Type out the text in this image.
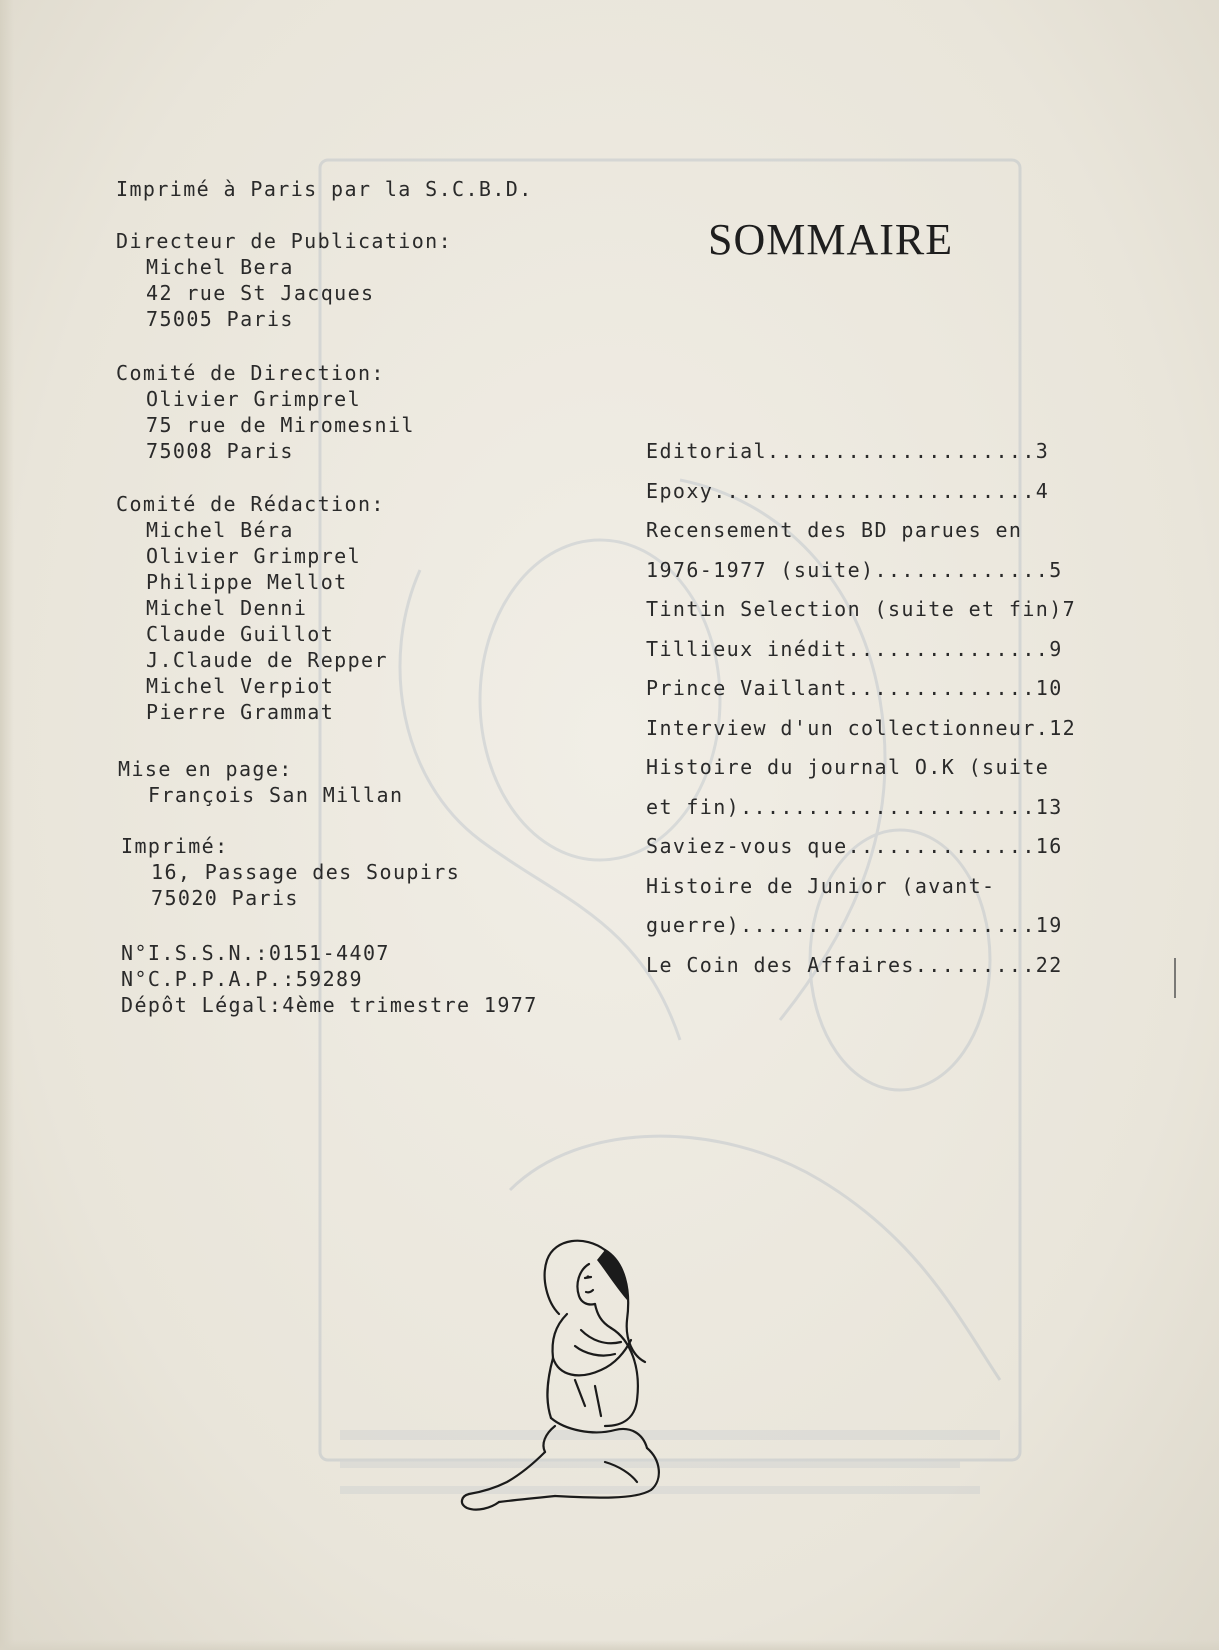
Imprimé à Paris par la S.C.B.D.
Directeur de Publication:
Michel Bera
42 rue St Jacques
75005 Paris
Comité de Direction:
Olivier Grimprel
75 rue de Miromesnil
75008 Paris
Comité de Rédaction:
Michel Béra
Olivier Grimprel
Philippe Mellot
Michel Denni
Claude Guillot
J.Claude de Repper
Michel Verpiot
Pierre Grammat
Mise en page:
François San Millan
Imprimé:
16, Passage des Soupirs
75020 Paris
N°I.S.S.N.:0151-4407
N°C.P.P.A.P.:59289
Dépôt Légal:4ème trimestre 1977
SOMMAIRE
Editorial....................3
Epoxy........................4
Recensement des BD parues en
1976-1977 (suite).............5
Tintin Selection (suite et fin)7
Tillieux inédit...............9
Prince Vaillant..............10
Interview d'un collectionneur.12
Histoire du journal O.K (suite
et fin)......................13
Saviez-vous que..............16
Histoire de Junior (avant-
guerre)......................19
Le Coin des Affaires.........22
